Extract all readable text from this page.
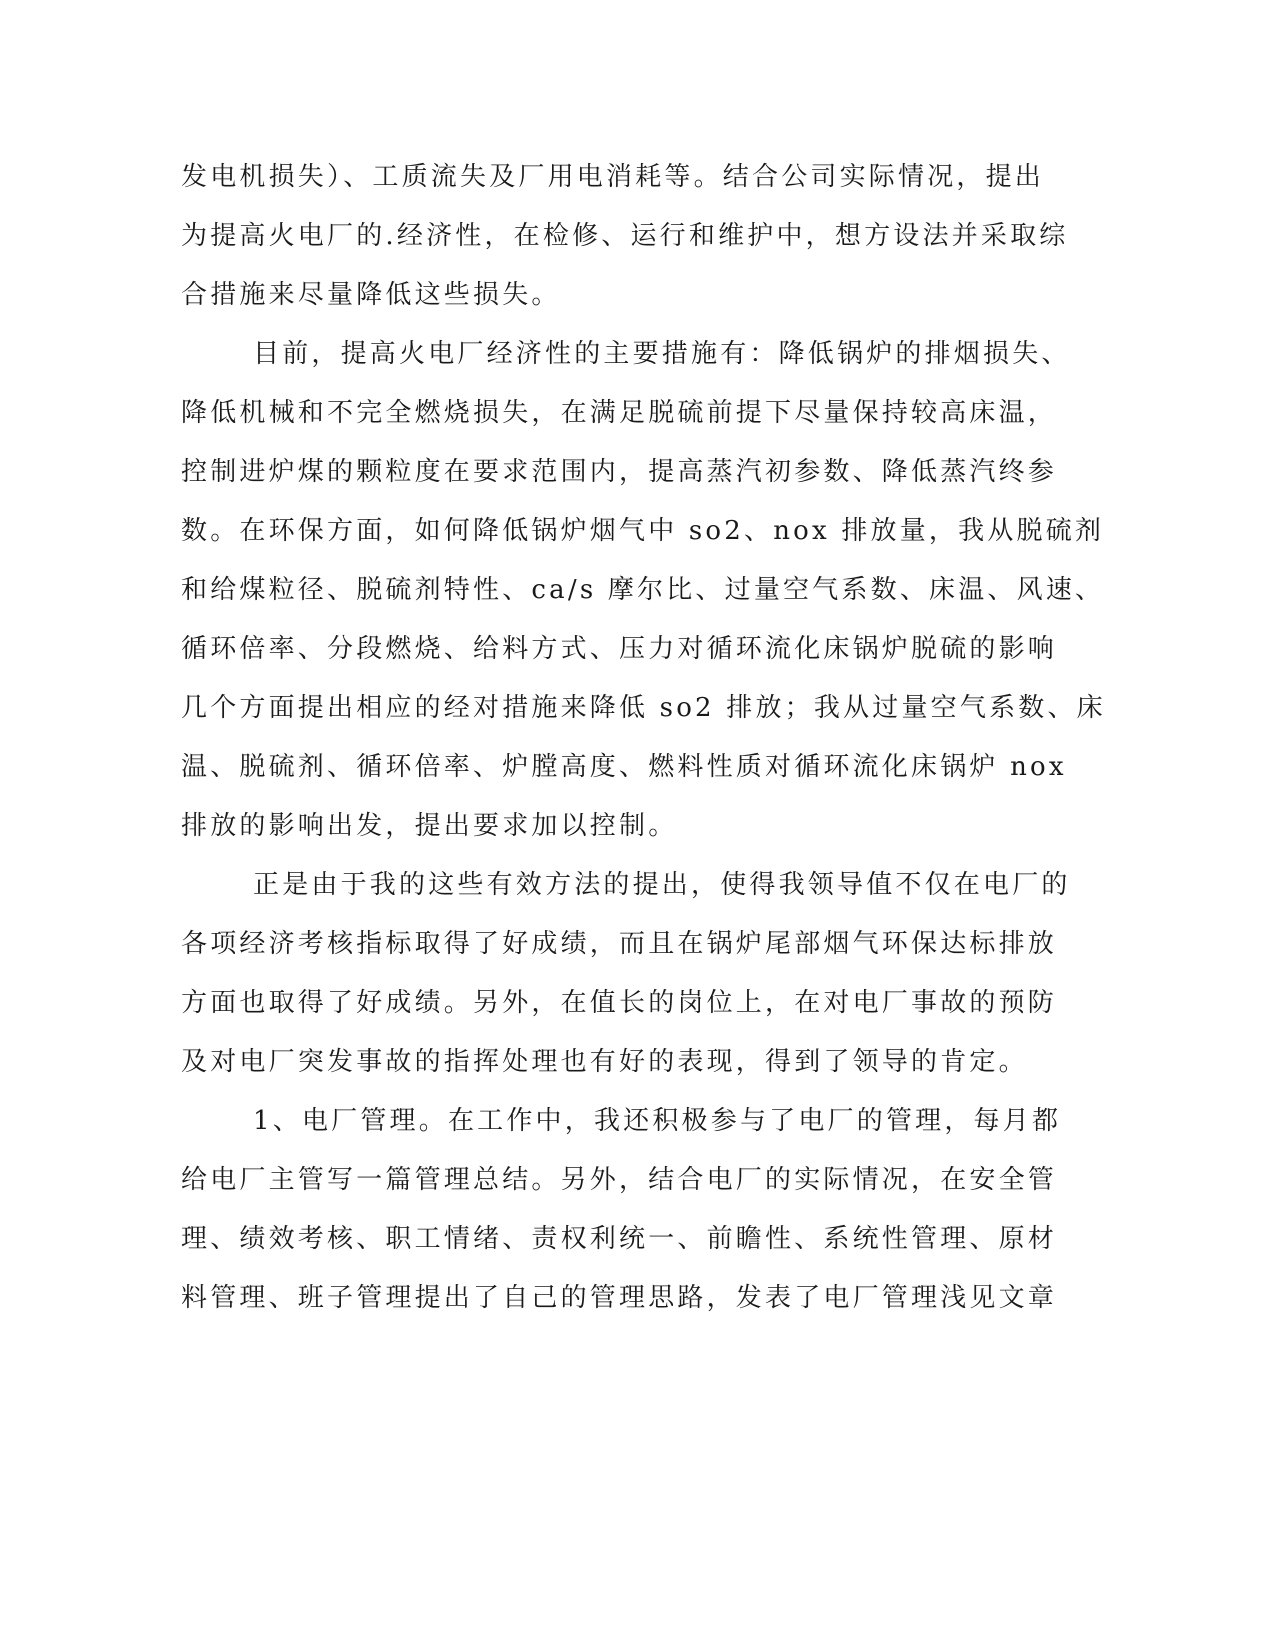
发电机损失）、工质流失及厂用电消耗等。结合公司实际情况，提出
为提高火电厂的.经济性，在检修、运行和维护中，想方设法并采取综
合措施来尽量降低这些损失。
目前，提高火电厂经济性的主要措施有：降低锅炉的排烟损失、
降低机械和不完全燃烧损失，在满足脱硫前提下尽量保持较高床温，
控制进炉煤的颗粒度在要求范围内，提高蒸汽初参数、降低蒸汽终参
数。在环保方面，如何降低锅炉烟气中 so2、nox 排放量，我从脱硫剂
和给煤粒径、脱硫剂特性、ca/s 摩尔比、过量空气系数、床温、风速、
循环倍率、分段燃烧、给料方式、压力对循环流化床锅炉脱硫的影响
几个方面提出相应的经对措施来降低 so2 排放；我从过量空气系数、床
温、脱硫剂、循环倍率、炉膛高度、燃料性质对循环流化床锅炉 nox
排放的影响出发，提出要求加以控制。
正是由于我的这些有效方法的提出，使得我领导值不仅在电厂的
各项经济考核指标取得了好成绩，而且在锅炉尾部烟气环保达标排放
方面也取得了好成绩。另外，在值长的岗位上，在对电厂事故的预防
及对电厂突发事故的指挥处理也有好的表现，得到了领导的肯定。
1、电厂管理。在工作中，我还积极参与了电厂的管理，每月都
给电厂主管写一篇管理总结。另外，结合电厂的实际情况，在安全管
理、绩效考核、职工情绪、责权利统一、前瞻性、系统性管理、原材
料管理、班子管理提出了自己的管理思路，发表了电厂管理浅见文章
